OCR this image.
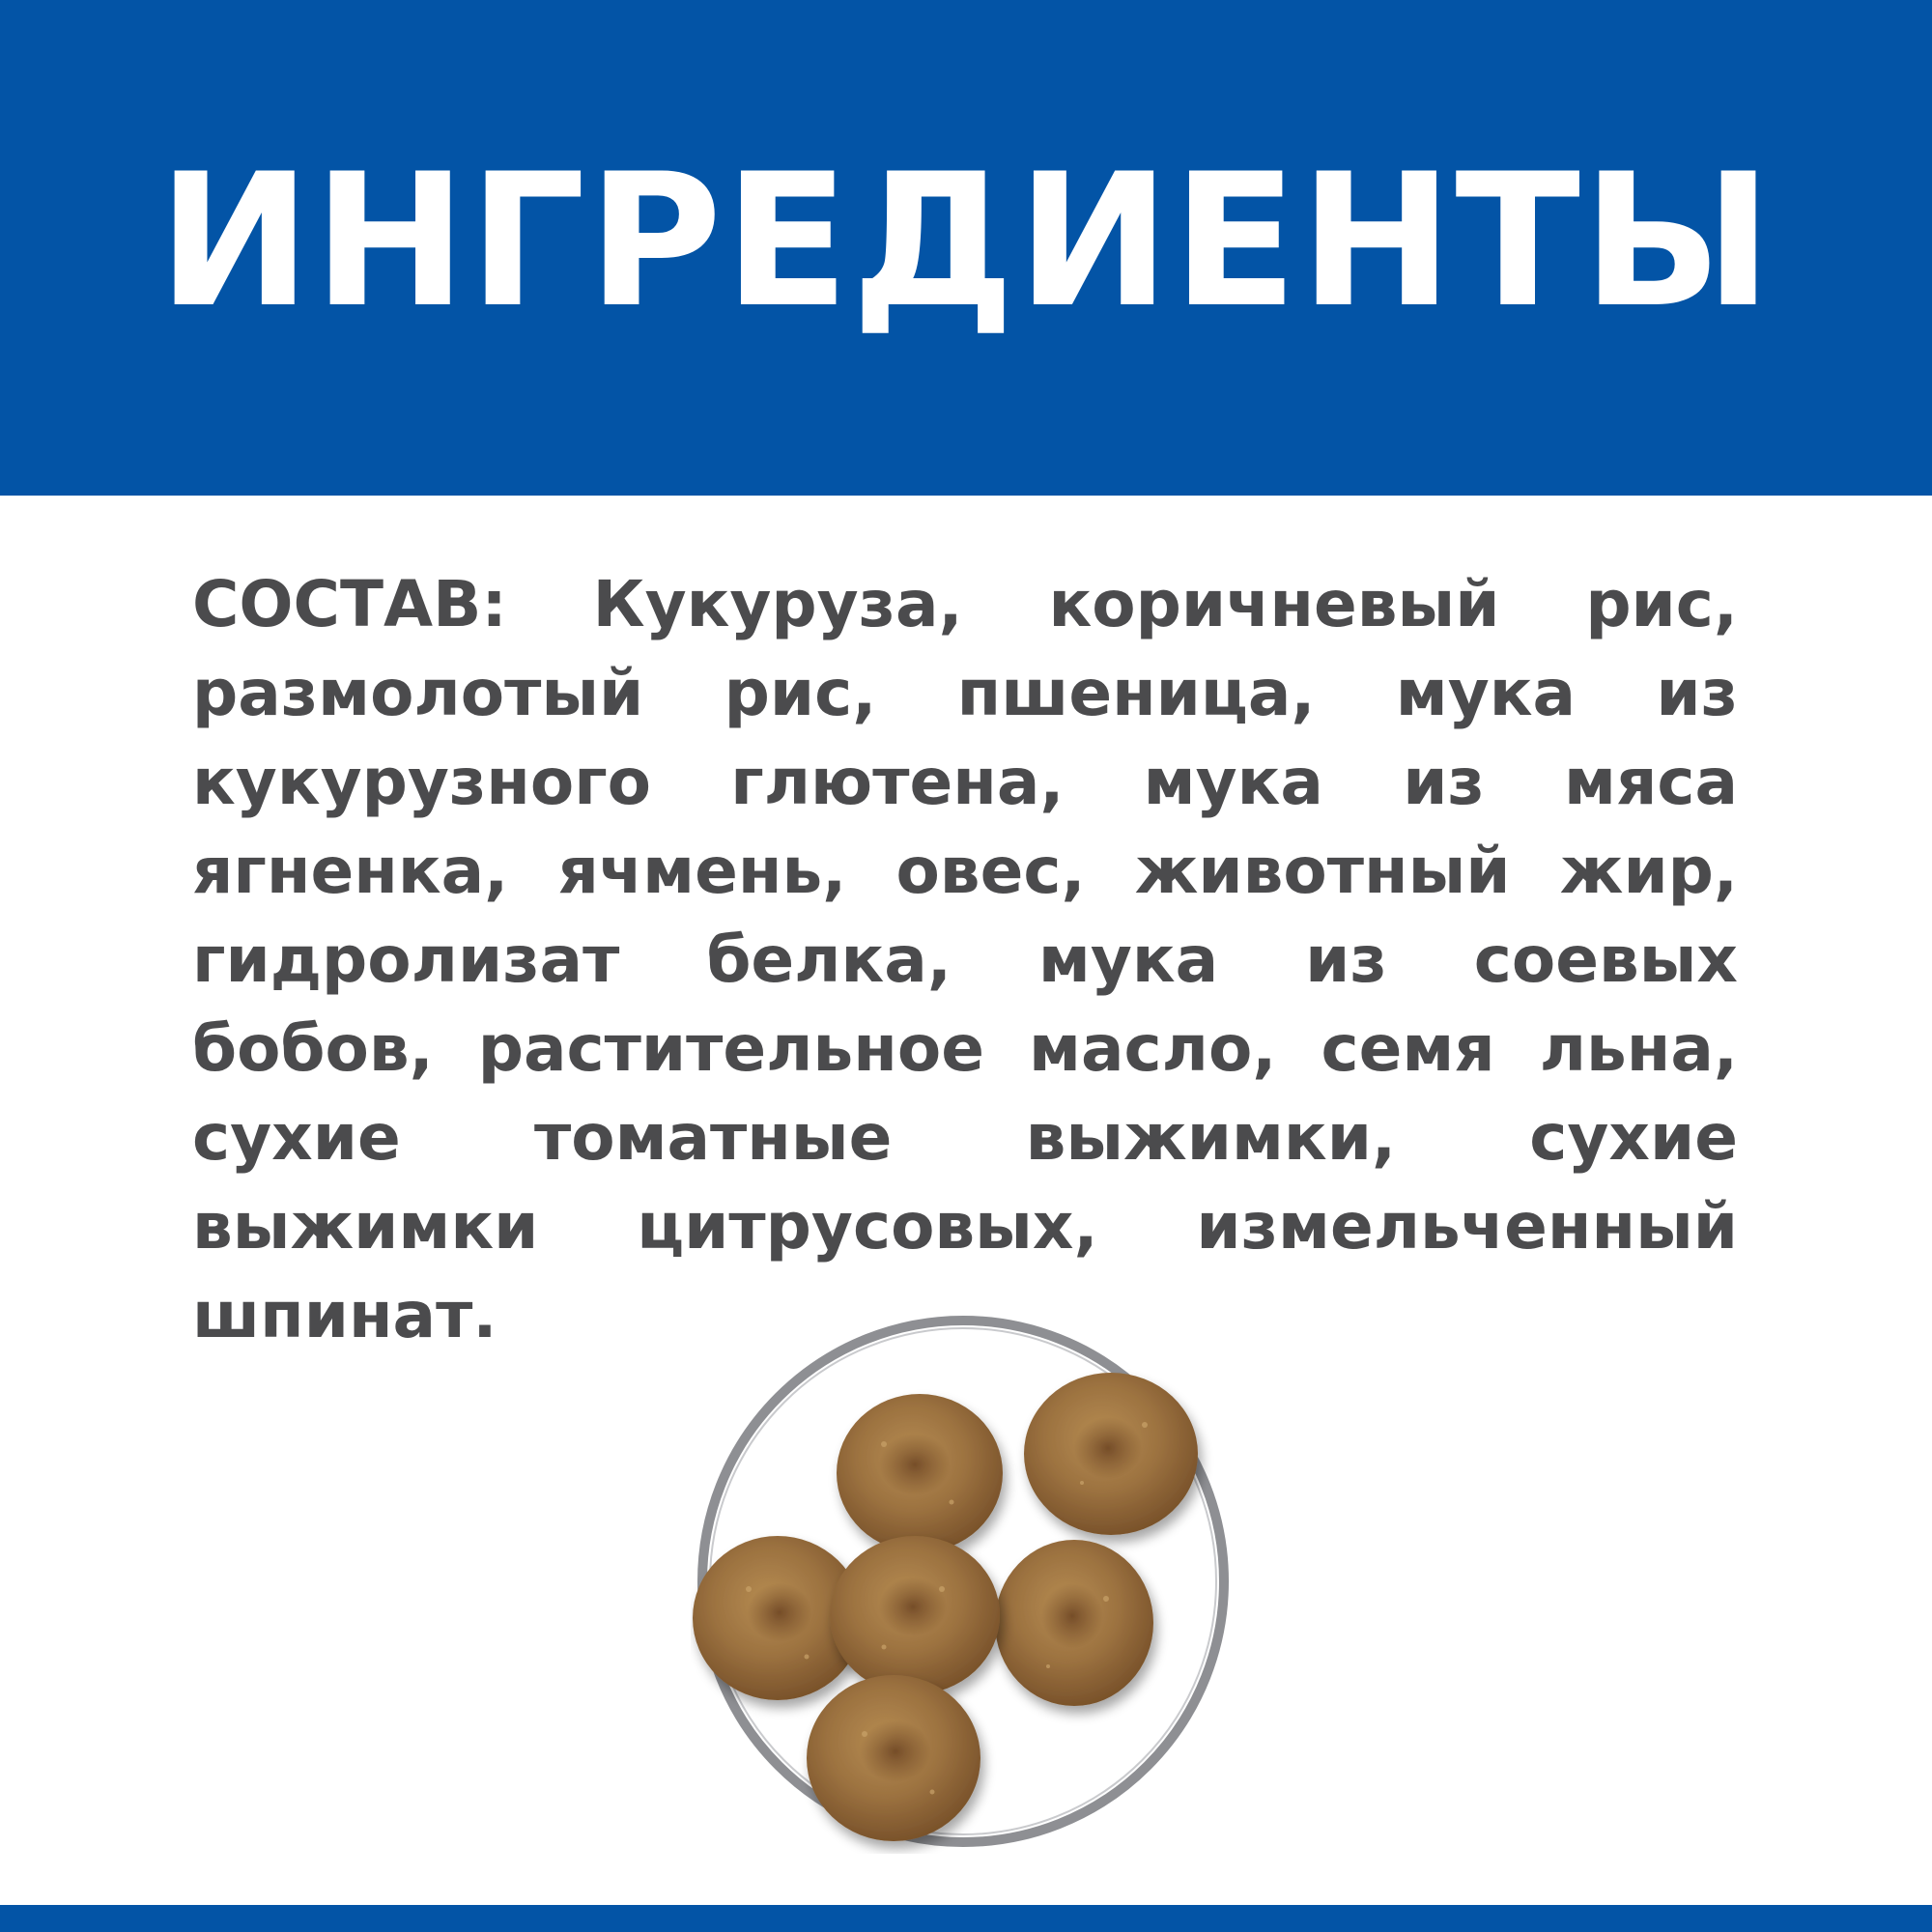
ИНГРЕДИЕНТЫ
СОСТАВ: Кукуруза, коричневый рис, размолотый рис, пшеница, мука из кукурузного глютена, мука из мяса ягненка, ячмень, овес, животный жир, гидролизат белка, мука из соевых бобов, растительное масло, семя льна, сухие томатные выжимки, сухие выжимки цитрусовых, измельченный шпинат.
